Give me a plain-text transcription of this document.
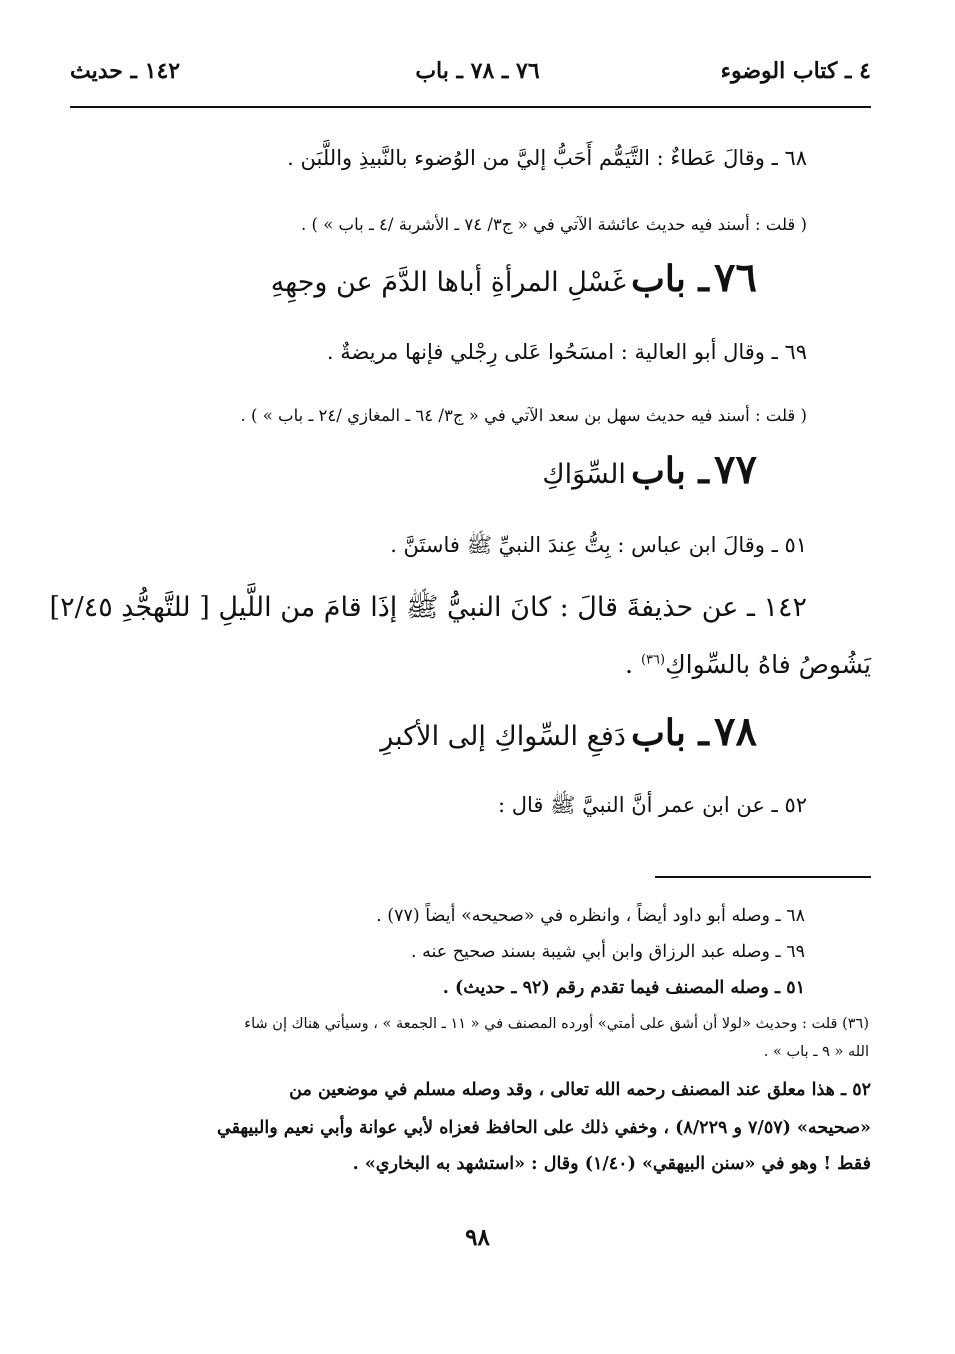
٤ ـ كتاب الوضوء
٧٦ ـ ٧٨ ـ باب
١٤٢ ـ حديث
٦٨ ـ وقالَ عَطاءٌ : التَّيَمُّم أَحَبُّ إليَّ من الوُضوء بالنَّبيذِ واللَّبَن .
( قلت : أسند فيه حديث عائشة الآتي في « ج٣/ ٧٤ ـ الأشربة /٤ ـ باب » ) .
٧٦ ـ باب غَسْلِ المرأةِ أباها الدَّمَ عن وجهِهِ
٦٩ ـ وقال أبو العالية : امسَحُوا عَلى رِجْلي فإنها مريضةٌ .
( قلت : أسند فيه حديث سهل بن سعد الآتي في « ج٣/ ٦٤ ـ المغازي /٢٤ ـ باب » ) .
٧٧ ـ باب السِّوَاكِ
٥١ ـ وقالَ ابن عباس : بِتُّ عِندَ النبيِّ ﷺ فاستَنَّ .
١٤٢ ـ عن حذيفةَ قالَ : كانَ النبيُّ ﷺ إذَا قامَ من اللَّيلِ [ للتَّهجُّدِ ٢/٤٥]
يَشُوصُ فاهُ بالسِّواكِ$^{(٣٦)}$ .
٧٨ ـ باب دَفعِ السِّواكِ إلى الأكبرِ
٥٢ ـ عن ابن عمر أنَّ النبيَّ ﷺ قال :
٦٨ ـ وصله أبو داود أيضاً ، وانظره في «صحيحه» أيضاً (٧٧) .
٦٩ ـ وصله عبد الرزاق وابن أبي شيبة بسند صحيح عنه .
٥١ ـ وصله المصنف فيما تقدم رقم (٩٢ ـ حديث) .
(٣٦) قلت : وحديث «لولا أن أشق على أمتي» أورده المصنف في « ١١ ـ الجمعة » ، وسيأتي هناك إن شاء
الله « ٩ ـ باب » .
٥٢ ـ هذا معلق عند المصنف رحمه الله تعالى ، وقد وصله مسلم في موضعين من
«صحيحه» (٧/٥٧ و ٨/٢٢٩) ، وخفي ذلك على الحافظ فعزاه لأبي عوانة وأبي نعيم والبيهقي
فقط ! وهو في «سنن البيهقي» (١/٤٠) وقال : «استشهد به البخاري» .
٩٨
